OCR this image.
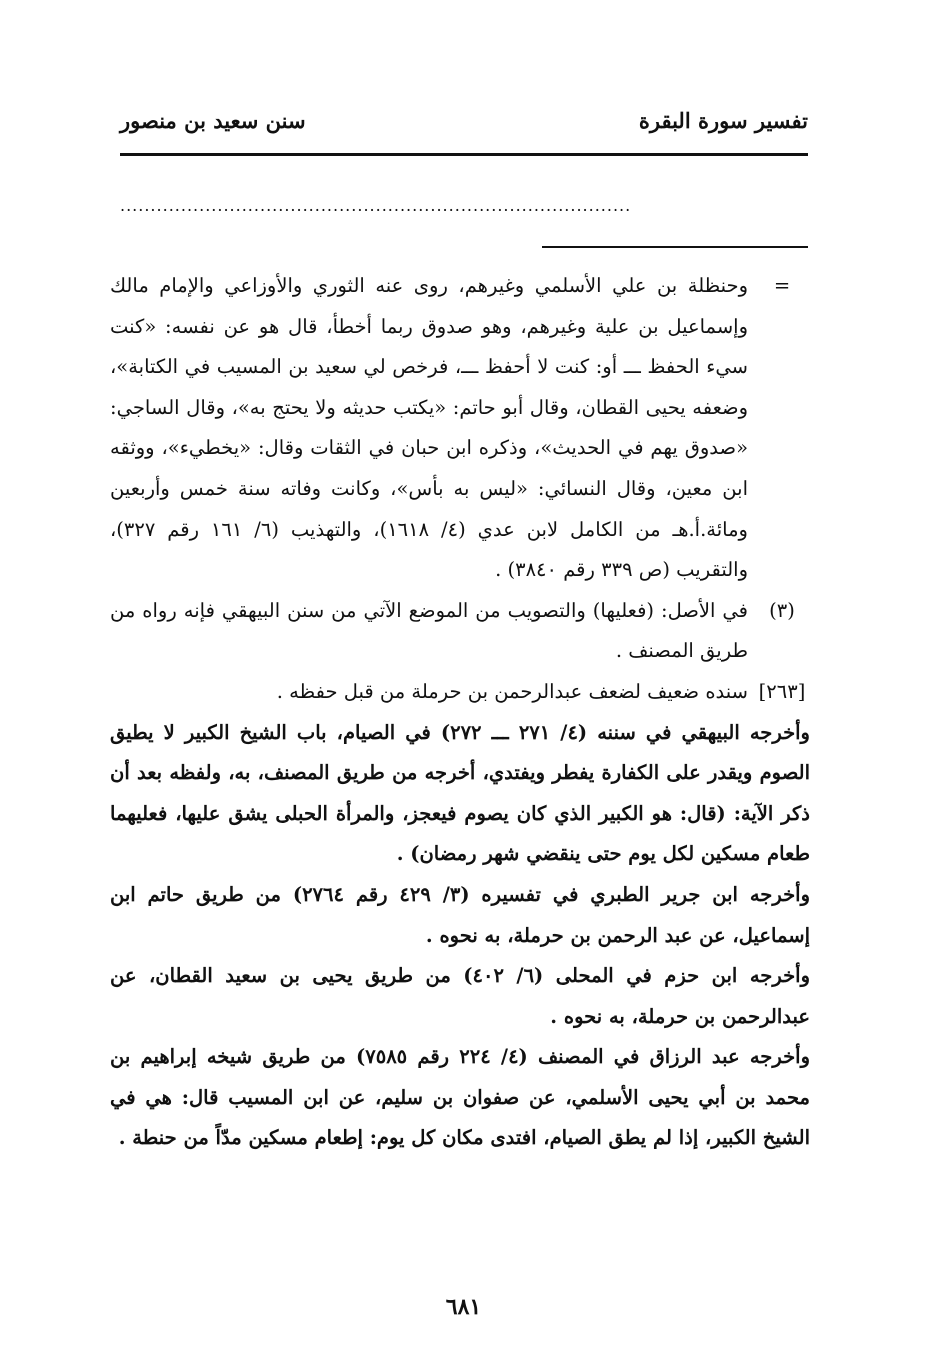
تفسير سورة البقرة
سنن سعيد بن منصور
....................................................................................
=
وحنظلة بن علي الأسلمي وغيرهم، روى عنه الثوري والأوزاعي والإمام مالك وإسماعيل بن علية وغيرهم، وهو صدوق ربما أخطأ، قال هو عن نفسه: «كنت سيء الحفظ ـــ أو: كنت لا أحفظ ـــ، فرخص لي سعيد بن المسيب في الكتابة»، وضعفه يحيى القطان، وقال أبو حاتم: «يكتب حديثه ولا يحتج به»، وقال الساجي: «صدوق يهم في الحديث»، وذكره ابن حبان في الثقات وقال: «يخطيء»، ووثقه ابن معين، وقال النسائي: «ليس به بأس»، وكانت وفاته سنة خمس وأربعين ومائة.أ.هـ من الكامل لابن عدي (٤/ ١٦١٨)، والتهذيب (٦/ ١٦١ رقم ٣٢٧)، والتقريب (ص ٣٣٩ رقم ٣٨٤٠) .
(٣)
في الأصل: (فعليها) والتصويب من الموضع الآتي من سنن البيهقي فإنه رواه من طريق المصنف .
[٢٦٣]
سنده ضعيف لضعف عبدالرحمن بن حرملة من قبل حفظه .

وأخرجه البيهقي في سننه (٤/ ٢٧١ ـــ ٢٧٢) في الصيام، باب الشيخ الكبير لا يطيق الصوم ويقدر على الكفارة يفطر ويفتدي، أخرجه من طريق المصنف، به، ولفظه بعد أن ذكر الآية: (قال: هو الكبير الذي كان يصوم فيعجز، والمرأة الحبلى يشق عليها، فعليهما طعام مسكين لكل يوم حتى ينقضي شهر رمضان) .

وأخرجه ابن جرير الطبري في تفسيره (٣/ ٤٢٩ رقم ٢٧٦٤) من طريق حاتم ابن إسماعيل، عن عبد الرحمن بن حرملة، به نحوه .

وأخرجه ابن حزم في المحلى (٦/ ٤٠٢) من طريق يحيى بن سعيد القطان، عن عبدالرحمن بن حرملة، به نحوه .

وأخرجه عبد الرزاق في المصنف (٤/ ٢٢٤ رقم ٧٥٨٥) من طريق شيخه إبراهيم بن محمد بن أبي يحيى الأسلمي، عن صفوان بن سليم، عن ابن المسيب قال: هي في الشيخ الكبير، إذا لم يطق الصيام، افتدى مكان كل يوم: إطعام مسكين مدّاً من حنطة .

٦٨١
